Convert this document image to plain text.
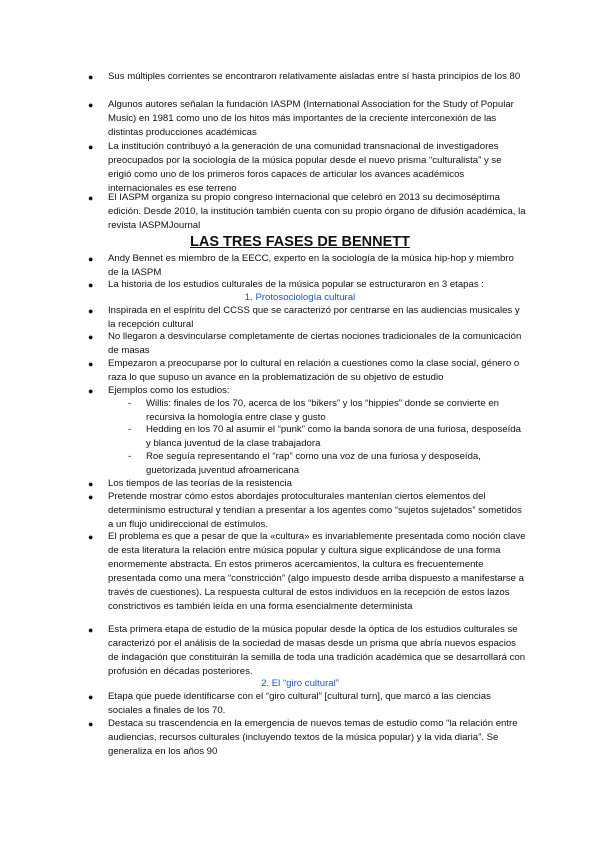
● Sus múltiples corrientes se encontraron relativamente aisladas entre sí hasta principios de los 80

● Algunos autores señalan la fundación IASPM (International Association for the Study of Popular Music) en 1981 como uno de los hitos más importantes de la creciente interconexión de las distintas producciones académicas

● La institución contribuyó a la generación de una comunidad transnacional de investigadores preocupados por la sociología de la música popular desde el nuevo prisma “culturalista” y se erigió como uno de los primeros foros capaces de articular los avances académicos internacionales es ese terreno

● El IASPM organiza su propio congreso internacional que celebró en 2013 su decimoséptima edición. Desde 2010, la institución también cuenta con su propio órgano de difusión académica, la revista IASPMJournal

LAS TRES FASES DE BENNETT
● Andy Bennet es miembro de la EECC, experto en la sociología de la música hip-hop y miembro de la IASPM

● La historia de los estudios culturales de la música popular se estructuraron en 3 etapas :

1. Protosociología cultural
● Inspirada en el espíritu del CCSS que se caracterizó por centrarse en las audiencias musicales y la recepción cultural

● No llegaron a desvincularse completamente de ciertas nociones tradicionales de la comunicación de masas

● Empezaron a preocuparse por lo cultural en relación a cuestiones como la clase social, género o raza lo que supuso un avance en la problematización de su objetivo de estudio

● Ejemplos como los estudios:

- Willis: finales de los 70, acerca de los “bikers” y los “hippies” donde se convierte en recursiva la homología entre clase y gusto

- Hedding en los 70 al asumir el “punk” como la banda sonora de una furiosa, desposeída y blanca juventud de la clase trabajadora

- Roe seguía representando el “rap” como una voz de una furiosa y desposeída, guetorizada juventud afroamericana

● Los tiempos de las teorías de la resistencia

● Pretende mostrar cómo estos abordajes protoculturales mantenían ciertos elementos del determinismo estructural y tendían a presentar a los agentes como “sujetos sujetados” sometidos a un flujo unidireccional de estímulos.

● El problema es que a pesar de que la «cultura» es invariablemente presentada como noción clave de esta literatura la relación entre música popular y cultura sigue explicándose de una forma enormemente abstracta. En estos primeros acercamientos, la cultura es frecuentemente presentada como una mera “constricción” (algo impuesto desde arriba dispuesto a manifestarse a través de cuestiones). La respuesta cultural de estos individuos en la recepción de estos lazos constrictivos es también leída en una forma esencialmente determinista

● Esta primera etapa de estudio de la música popular desde la óptica de los estudios culturales se caracterizó por el análisis de la sociedad de masas desde un prisma que abría nuevos espacios de indagación que constituirán la semilla de toda una tradición académica que se desarrollará con profusión en décadas posteriores.

2. El “giro cultural”
● Etapa que puede identificarse con el “giro cultural” [cultural turn], que marcó a las ciencias sociales a finales de los 70.

● Destaca su trascendencia en la emergencia de nuevos temas de estudio como “la relación entre audiencias, recursos culturales (incluyendo textos de la música popular) y la vida diaria”. Se generaliza en los años 90
